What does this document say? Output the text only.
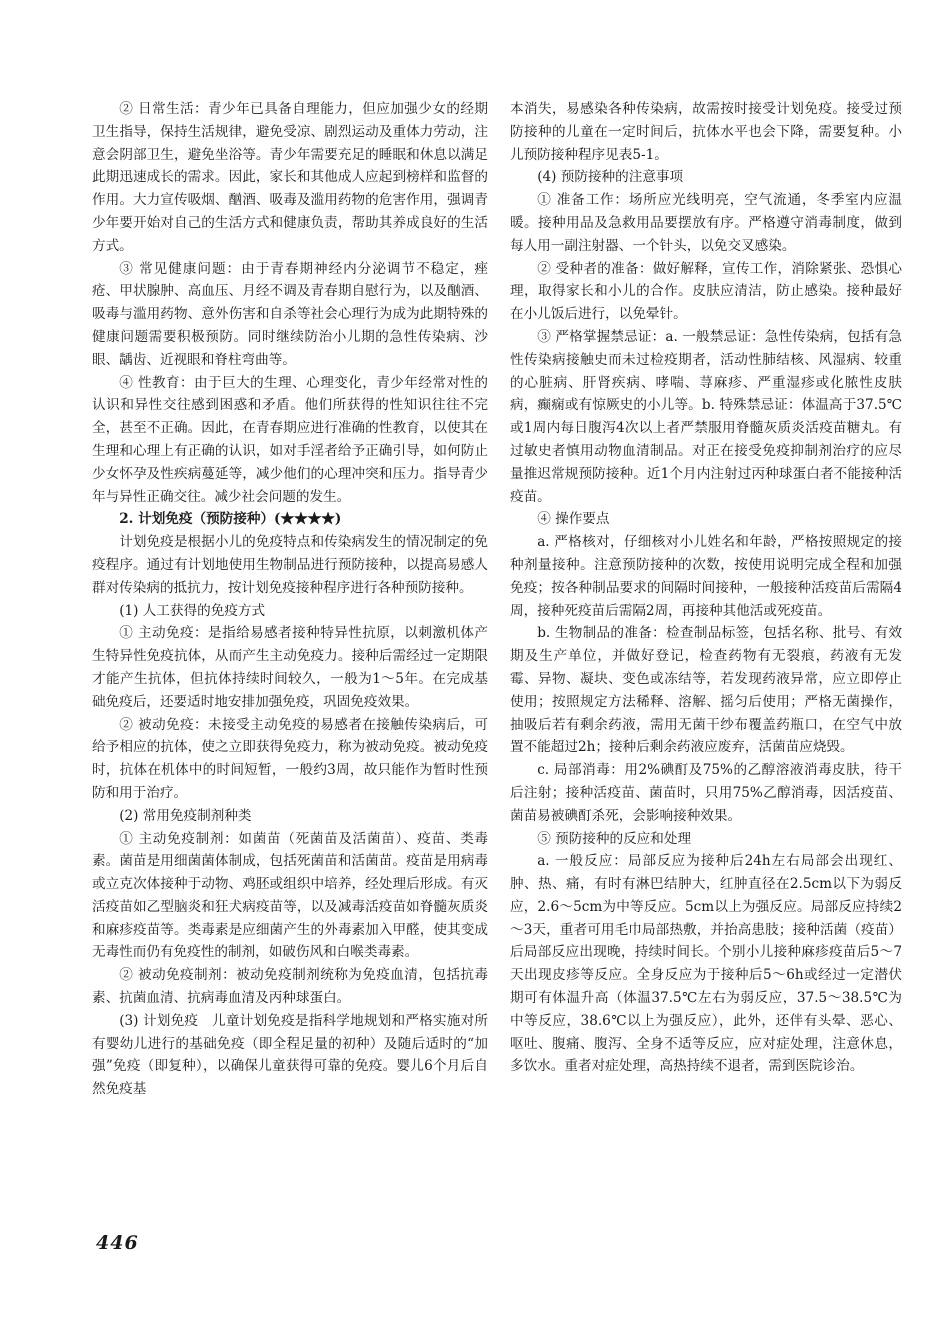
② 日常生活：青少年已具备自理能力，但应加强少女的经期卫生指导，保持生活规律，避免受凉、剧烈运动及重体力劳动，注意会阴部卫生，避免坐浴等。青少年需要充足的睡眠和休息以满足此期迅速成长的需求。因此，家长和其他成人应起到榜样和监督的作用。大力宣传吸烟、酗酒、吸毒及滥用药物的危害作用，强调青少年要开始对自己的生活方式和健康负责，帮助其养成良好的生活方式。

③ 常见健康问题：由于青春期神经内分泌调节不稳定，痤疮、甲状腺肿、高血压、月经不调及青春期自慰行为，以及酗酒、吸毒与滥用药物、意外伤害和自杀等社会心理行为成为此期特殊的健康问题需要积极预防。同时继续防治小儿期的急性传染病、沙眼、龋齿、近视眼和脊柱弯曲等。

④ 性教育：由于巨大的生理、心理变化，青少年经常对性的认识和异性交往感到困惑和矛盾。他们所获得的性知识往往不完全，甚至不正确。因此，在青春期应进行准确的性教育，以使其在生理和心理上有正确的认识，如对手淫者给予正确引导，如何防止少女怀孕及性疾病蔓延等，减少他们的心理冲突和压力。指导青少年与异性正确交往。减少社会问题的发生。

2. 计划免疫（预防接种）(★★★★)

计划免疫是根据小儿的免疫特点和传染病发生的情况制定的免疫程序。通过有计划地使用生物制品进行预防接种，以提高易感人群对传染病的抵抗力，按计划免疫接种程序进行各种预防接种。

(1) 人工获得的免疫方式

① 主动免疫：是指给易感者接种特异性抗原，以刺激机体产生特异性免疫抗体，从而产生主动免疫力。接种后需经过一定期限才能产生抗体，但抗体持续时间较久，一般为1～5年。在完成基础免疫后，还要适时地安排加强免疫，巩固免疫效果。

② 被动免疫：未接受主动免疫的易感者在接触传染病后，可给予相应的抗体，使之立即获得免疫力，称为被动免疫。被动免疫时，抗体在机体中的时间短暂，一般约3周，故只能作为暂时性预防和用于治疗。

(2) 常用免疫制剂种类

① 主动免疫制剂：如菌苗（死菌苗及活菌苗）、疫苗、类毒素。菌苗是用细菌菌体制成，包括死菌苗和活菌苗。疫苗是用病毒或立克次体接种于动物、鸡胚或组织中培养，经处理后形成。有灭活疫苗如乙型脑炎和狂犬病疫苗等，以及减毒活疫苗如脊髓灰质炎和麻疹疫苗等。类毒素是应细菌产生的外毒素加入甲醛，使其变成无毒性而仍有免疫性的制剂，如破伤风和白喉类毒素。

② 被动免疫制剂：被动免疫制剂统称为免疫血清，包括抗毒素、抗菌血清、抗病毒血清及丙种球蛋白。

(3) 计划免疫　儿童计划免疫是指科学地规划和严格实施对所有婴幼儿进行的基础免疫（即全程足量的初种）及随后适时的“加强”免疫（即复种），以确保儿童获得可靠的免疫。婴儿6个月后自然免疫基

本消失，易感染各种传染病，故需按时接受计划免疫。接受过预防接种的儿童在一定时间后，抗体水平也会下降，需要复种。小儿预防接种程序见表5-1。

(4) 预防接种的注意事项

① 准备工作：场所应光线明亮，空气流通，冬季室内应温暖。接种用品及急救用品要摆放有序。严格遵守消毒制度，做到每人用一副注射器、一个针头，以免交叉感染。

② 受种者的准备：做好解释，宣传工作，消除紧张、恐惧心理，取得家长和小儿的合作。皮肤应清洁，防止感染。接种最好在小儿饭后进行，以免晕针。

③ 严格掌握禁忌证：a. 一般禁忌证：急性传染病，包括有急性传染病接触史而未过检疫期者，活动性肺结核、风湿病、较重的心脏病、肝肾疾病、哮喘、荨麻疹、严重湿疹或化脓性皮肤病，癫痫或有惊厥史的小儿等。b. 特殊禁忌证：体温高于37.5℃或1周内每日腹泻4次以上者严禁服用脊髓灰质炎活疫苗糖丸。有过敏史者慎用动物血清制品。对正在接受免疫抑制剂治疗的应尽量推迟常规预防接种。近1个月内注射过丙种球蛋白者不能接种活疫苗。

④ 操作要点

a. 严格核对，仔细核对小儿姓名和年龄，严格按照规定的接种剂量接种。注意预防接种的次数，按使用说明完成全程和加强免疫；按各种制品要求的间隔时间接种，一般接种活疫苗后需隔4周，接种死疫苗后需隔2周，再接种其他活或死疫苗。

b. 生物制品的准备：检查制品标签，包括名称、批号、有效期及生产单位，并做好登记，检查药物有无裂痕，药液有无发霉、异物、凝块、变色或冻结等，若发现药液异常，应立即停止使用；按照规定方法稀释、溶解、摇匀后使用；严格无菌操作，抽吸后若有剩余药液，需用无菌干纱布覆盖药瓶口，在空气中放置不能超过2h；接种后剩余药液应废弃，活菌苗应烧毁。

c. 局部消毒：用2%碘酊及75%的乙醇溶液消毒皮肤，待干后注射；接种活疫苗、菌苗时，只用75%乙醇消毒，因活疫苗、菌苗易被碘酊杀死，会影响接种效果。

⑤ 预防接种的反应和处理

a. 一般反应：局部反应为接种后24h左右局部会出现红、肿、热、痛，有时有淋巴结肿大，红肿直径在2.5cm以下为弱反应，2.6～5cm为中等反应。5cm以上为强反应。局部反应持续2～3天，重者可用毛巾局部热敷，并抬高患肢；接种活菌（疫苗）后局部反应出现晚，持续时间长。个别小儿接种麻疹疫苗后5～7天出现皮疹等反应。全身反应为于接种后5～6h或经过一定潜伏期可有体温升高（体温37.5℃左右为弱反应，37.5～38.5℃为中等反应，38.6℃以上为强反应），此外，还伴有头晕、恶心、呕吐、腹痛、腹泻、全身不适等反应，应对症处理，注意休息，多饮水。重者对症处理，高热持续不退者，需到医院诊治。

446
